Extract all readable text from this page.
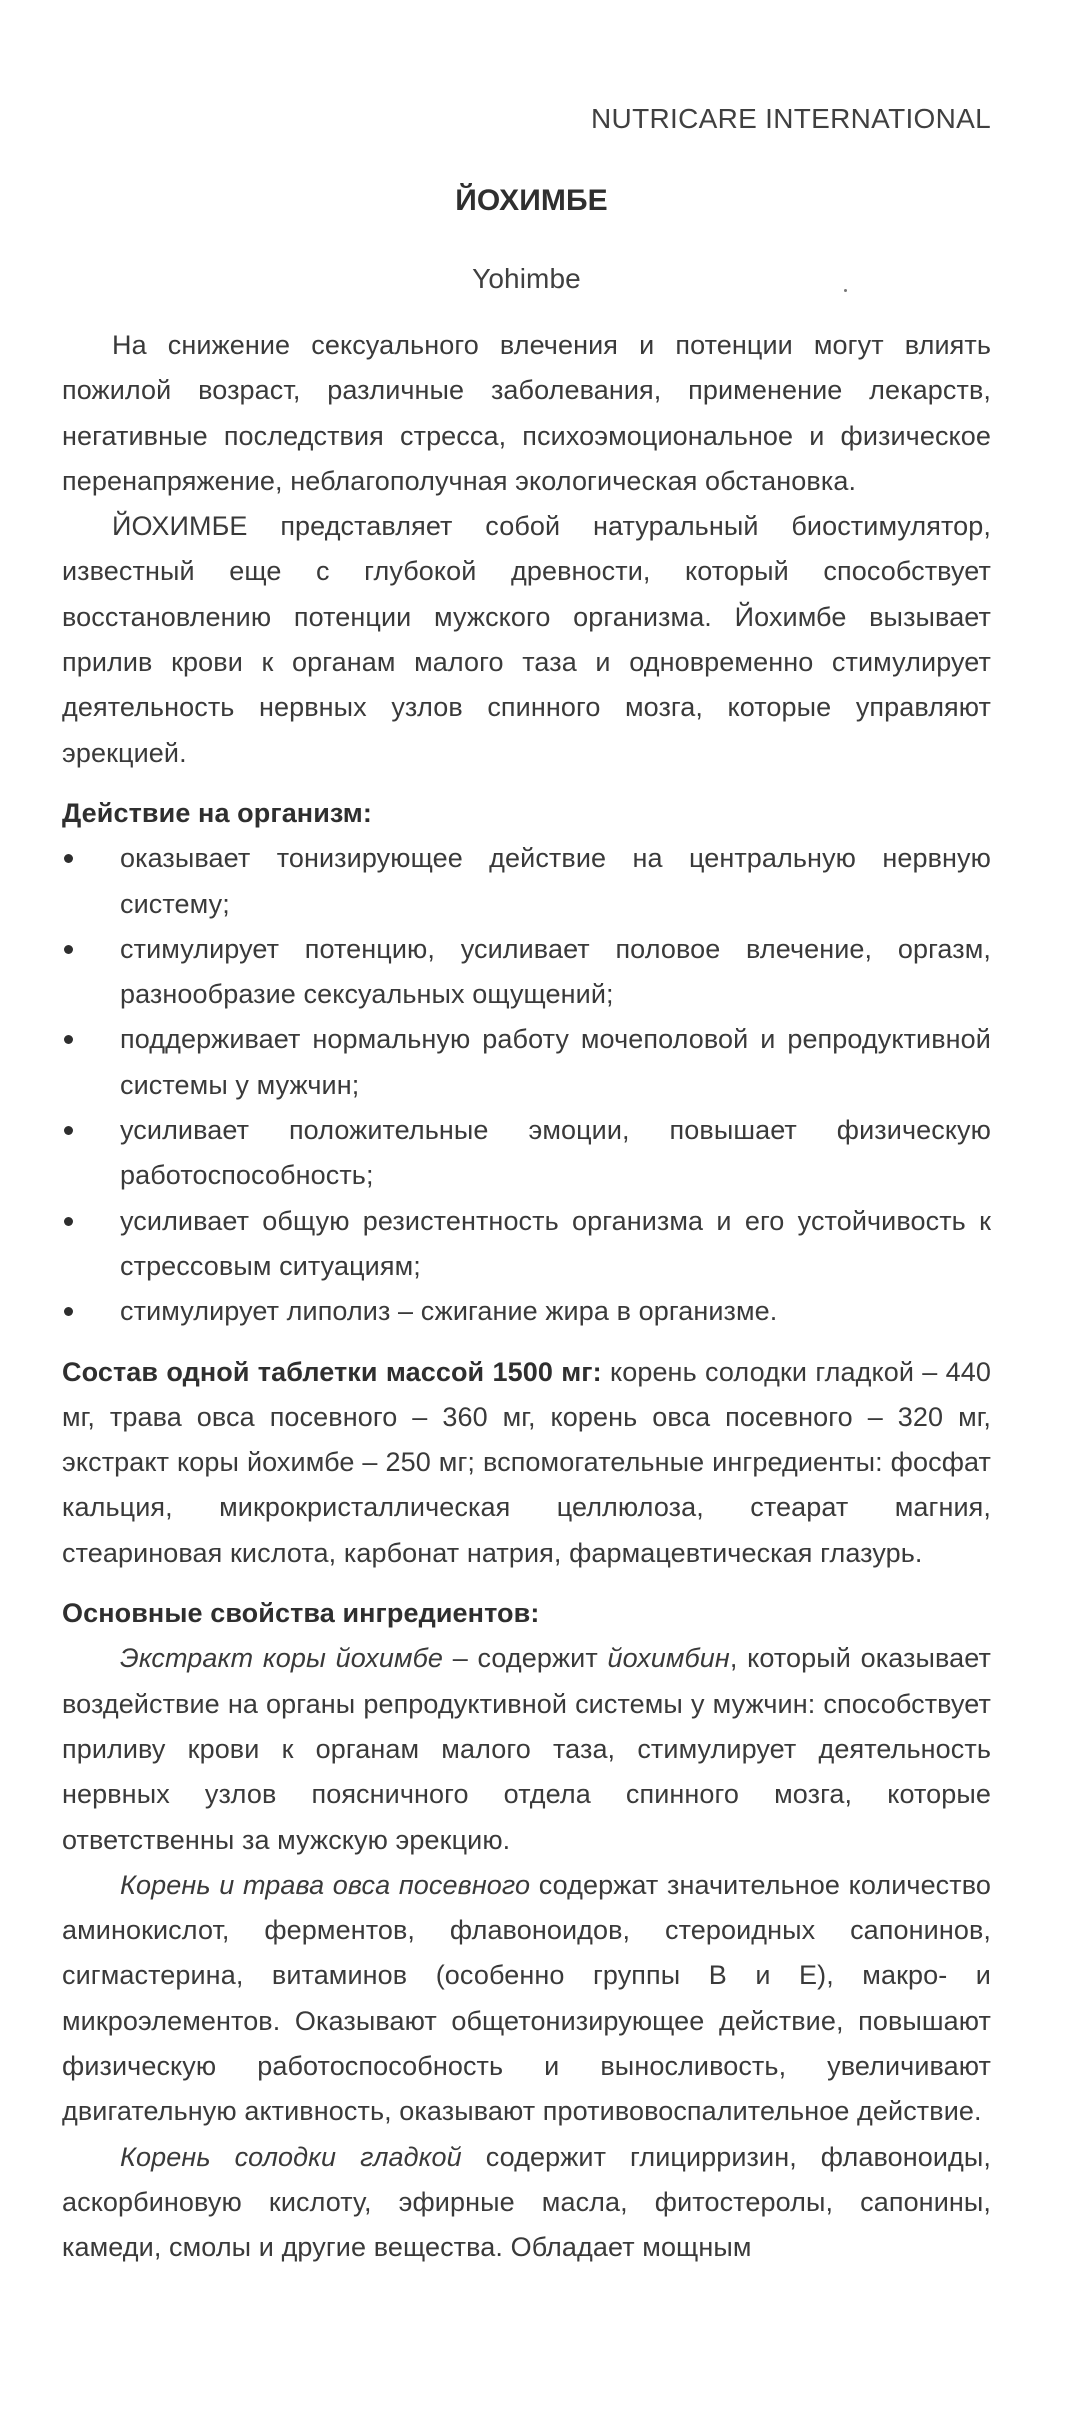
NUTRICARE INTERNATIONAL
ЙОХИМБЕ
Yohimbe

На снижение сексуального влечения и потенции могут влиять пожилой возраст, различные заболевания, применение лекарств, негативные последствия стресса, психоэмоциональное и физическое перенапряжение, неблагополучная экологическая обстановка.

ЙОХИМБЕ представляет собой натуральный биостимулятор, известный еще с глубокой древности, который способствует восстановлению потенции мужского организма. Йохимбе вызывает прилив крови к органам малого таза и одновременно стимулирует деятельность нервных узлов спинного мозга, которые управляют эрекцией.

Действие на организм:

оказывает тонизирующее действие на центральную нервную систему;
стимулирует потенцию, усиливает половое влечение, оргазм, разнообразие сексуальных ощущений;
поддерживает нормальную работу мочеполовой и репродуктивной системы у мужчин;
усиливает положительные эмоции, повышает физическую работоспособность;
усиливает общую резистентность организма и его устойчивость к стрессовым ситуациям;
стимулирует липолиз – сжигание жира в организме.

Состав одной таблетки массой 1500 мг: корень солодки гладкой – 440 мг, трава овса посевного – 360 мг, корень овса посевного – 320 мг, экстракт коры йохимбе – 250 мг; вспомогательные ингредиенты: фосфат кальция, микрокристаллическая целлюлоза, стеарат магния, стеариновая кислота, карбонат натрия, фармацевтическая глазурь.

Основные свойства ингредиентов:

Экстракт коры йохимбе – содержит йохимбин, который оказывает воздействие на органы репродуктивной системы у мужчин: способствует приливу крови к органам малого таза, стимулирует деятельность нервных узлов поясничного отдела спинного мозга, которые ответственны за мужскую эрекцию.

Корень и трава овса посевного содержат значительное количество аминокислот, ферментов, флавоноидов, стероидных сапонинов, сигмастерина, витаминов (особенно группы В и Е), макро- и микроэлементов. Оказывают общетонизирующее действие, повышают физическую работоспособность и выносливость, увеличивают двигательную активность, оказывают противовоспалительное действие.

Корень солодки гладкой содержит глицирризин, флавоноиды, аскорбиновую кислоту, эфирные масла, фитостеролы, сапонины, камеди, смолы и другие вещества. Обладает мощным
